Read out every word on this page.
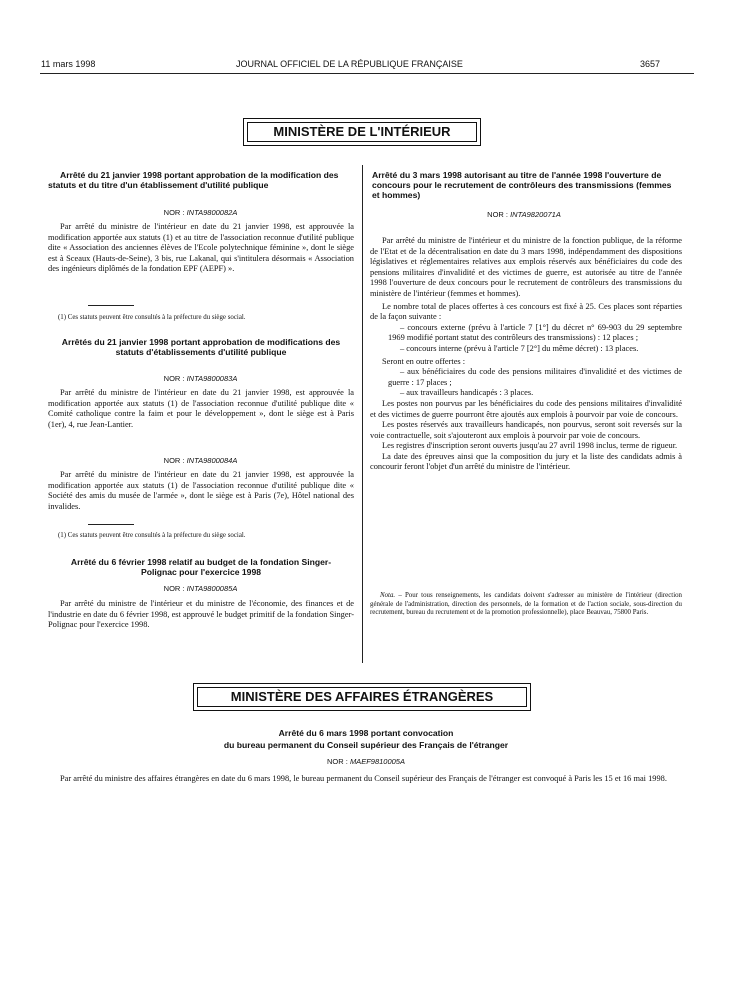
11 mars 1998	JOURNAL OFFICIEL DE LA RÉPUBLIQUE FRANÇAISE	3657
MINISTÈRE DE L'INTÉRIEUR
Arrêté du 21 janvier 1998 portant approbation de la modification des statuts et du titre d'un établissement d'utilité publique
NOR : INTA9800082A

Par arrêté du ministre de l'intérieur en date du 21 janvier 1998, est approuvée la modification apportée aux statuts (1) et au titre de l'association reconnue d'utilité publique dite « Association des anciennes élèves de l'Ecole polytechnique féminine », dont le siège est à Sceaux (Hauts-de-Seine), 3 bis, rue Lakanal, qui s'intitulera désormais « Association des ingénieurs diplômés de la fondation EPF (AEPF) ».

(1) Ces statuts peuvent être consultés à la préfecture du siège social.

Arrêtés du 21 janvier 1998 portant approbation de modifications des statuts d'établissements d'utilité publique
NOR : INTA9800083A

Par arrêté du ministre de l'intérieur en date du 21 janvier 1998, est approuvée la modification apportée aux statuts (1) de l'association reconnue d'utilité publique dite « Comité catholique contre la faim et pour le développement », dont le siège est à Paris (1er), 4, rue Jean-Lantier.

NOR : INTA9800084A

Par arrêté du ministre de l'intérieur en date du 21 janvier 1998, est approuvée la modification apportée aux statuts (1) de l'association reconnue d'utilité publique dite « Société des amis du musée de l'armée », dont le siège est à Paris (7e), Hôtel national des invalides.

(1) Ces statuts peuvent être consultés à la préfecture du siège social.

Arrêté du 6 février 1998 relatif au budget de la fondation Singer-Polignac pour l'exercice 1998
NOR : INTA9800085A

Par arrêté du ministre de l'intérieur et du ministre de l'économie, des finances et de l'industrie en date du 6 février 1998, est approuvé le budget primitif de la fondation Singer-Polignac pour l'exercice 1998.

Arrêté du 3 mars 1998 autorisant au titre de l'année 1998 l'ouverture de concours pour le recrutement de contrôleurs des transmissions (femmes et hommes)
NOR : INTA9820071A

Par arrêté du ministre de l'intérieur et du ministre de la fonction publique, de la réforme de l'Etat et de la décentralisation en date du 3 mars 1998, indépendamment des dispositions législatives et réglementaires relatives aux emplois réservés aux bénéficiaires du code des pensions militaires d'invalidité et des victimes de guerre, est autorisée au titre de l'année 1998 l'ouverture de deux concours pour le recrutement de contrôleurs des transmissions du ministère de l'intérieur (femmes et hommes).

Le nombre total de places offertes à ces concours est fixé à 25. Ces places sont réparties de la façon suivante :

– concours externe (prévu à l'article 7 [1°] du décret n° 69-903 du 29 septembre 1969 modifié portant statut des contrôleurs des transmissions) : 12 places ;

– concours interne (prévu à l'article 7 [2°] du même décret) : 13 places.

Seront en outre offertes :

– aux bénéficiaires du code des pensions militaires d'invalidité et des victimes de guerre : 17 places ;

– aux travailleurs handicapés : 3 places.

Les postes non pourvus par les bénéficiaires du code des pensions militaires d'invalidité et des victimes de guerre pourront être ajoutés aux emplois à pourvoir par voie de concours.

Les postes réservés aux travailleurs handicapés, non pourvus, seront soit reversés sur la voie contractuelle, soit s'ajouteront aux emplois à pourvoir par voie de concours.

Les registres d'inscription seront ouverts jusqu'au 27 avril 1998 inclus, terme de rigueur.

La date des épreuves ainsi que la composition du jury et la liste des candidats admis à concourir feront l'objet d'un arrêté du ministre de l'intérieur.

Nota. – Pour tous renseignements, les candidats doivent s'adresser au ministère de l'intérieur (direction générale de l'administration, direction des personnels, de la formation et de l'action sociale, sous-direction du recrutement, bureau du recrutement et de la promotion professionnelle), place Beauvau, 75800 Paris.

MINISTÈRE DES AFFAIRES ÉTRANGÈRES
Arrêté du 6 mars 1998 portant convocation
du bureau permanent du Conseil supérieur des Français de l'étranger
NOR : MAEF9810005A

Par arrêté du ministre des affaires étrangères en date du 6 mars 1998, le bureau permanent du Conseil supérieur des Français de l'étranger est convoqué à Paris les 15 et 16 mai 1998.
